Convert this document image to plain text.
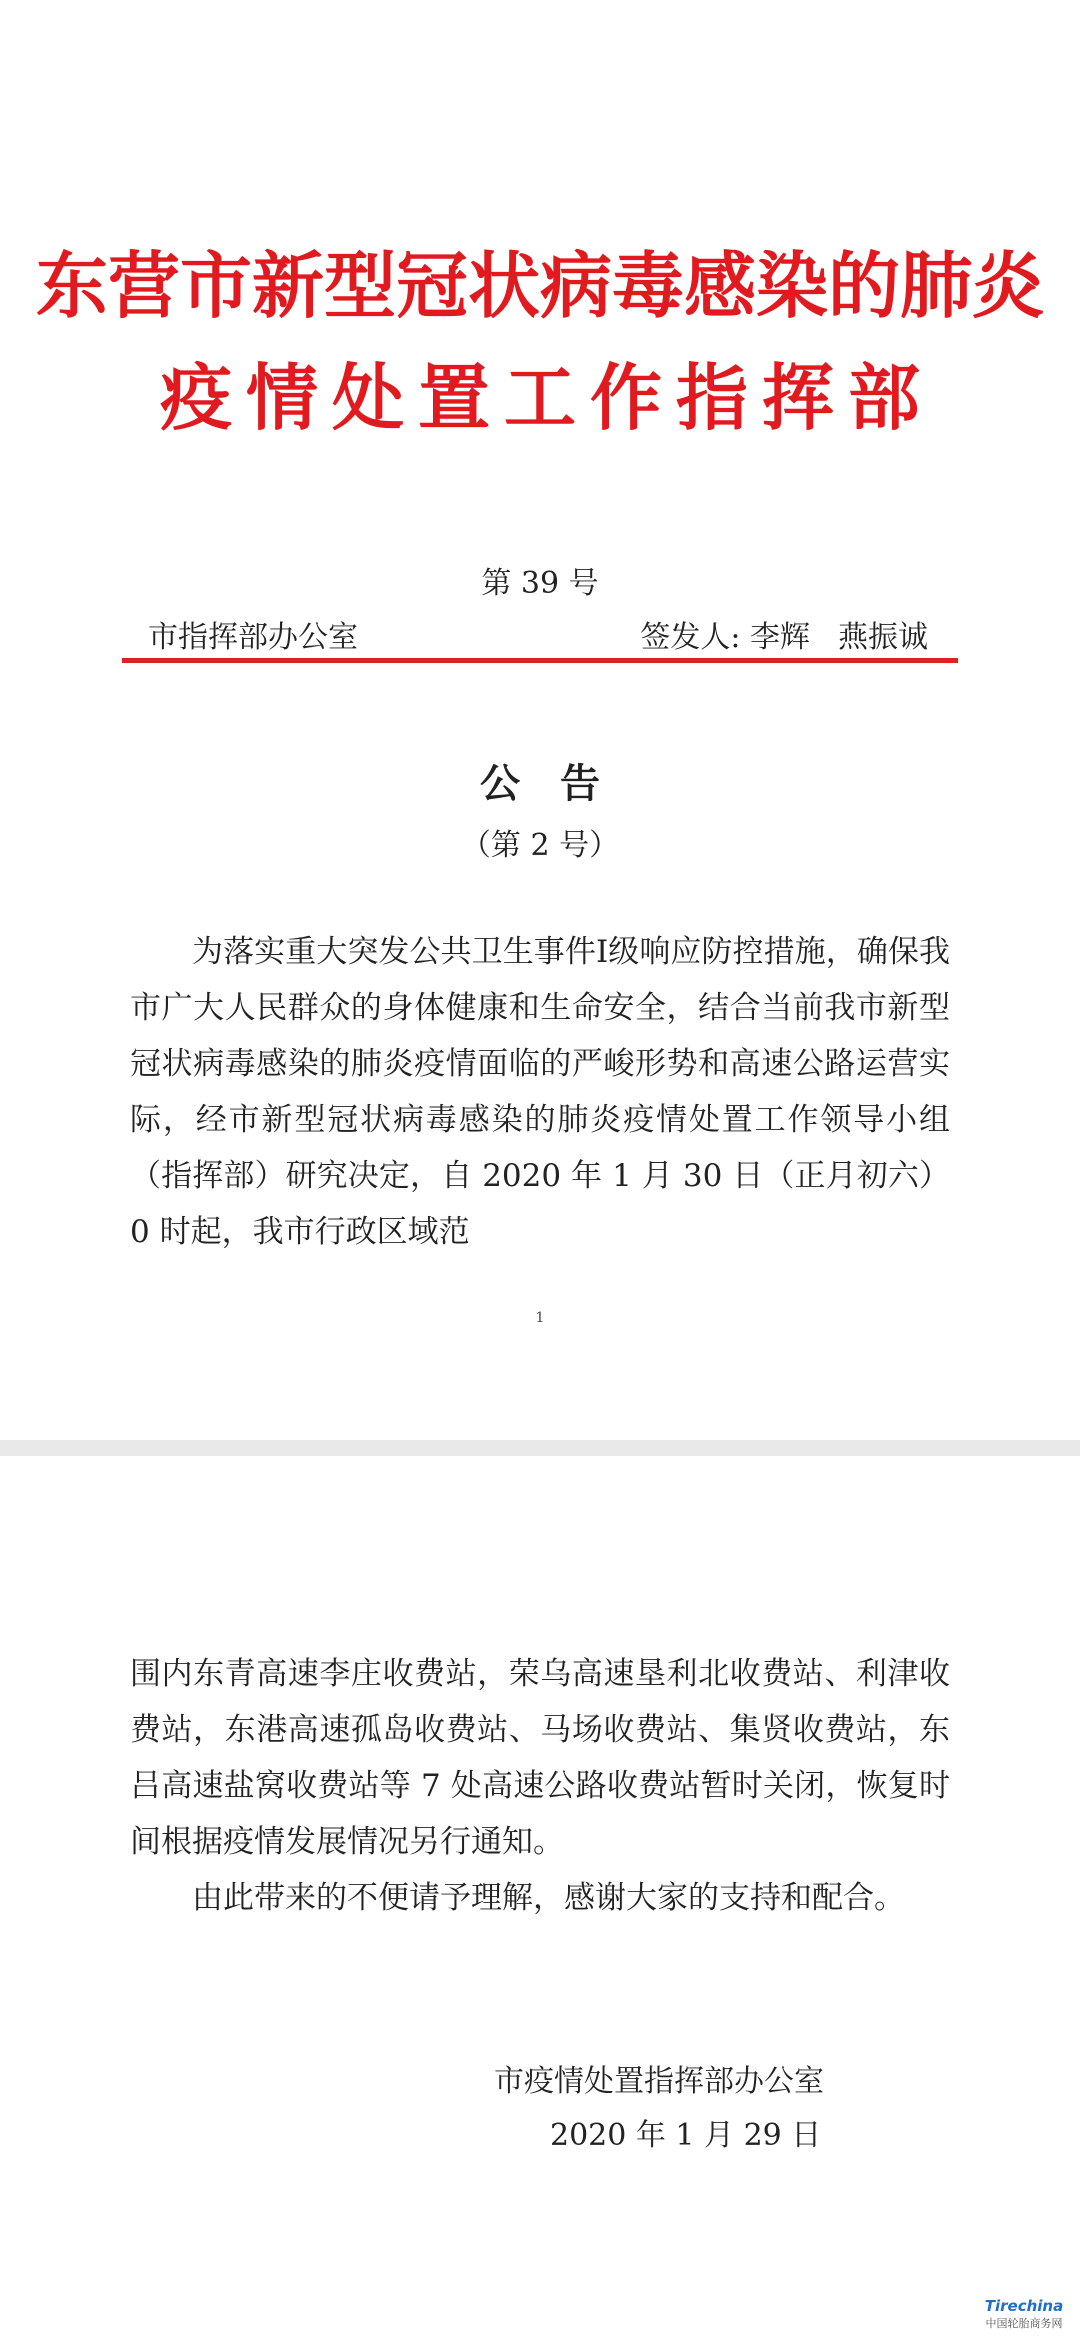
东营市新型冠状病毒感染的肺炎
疫情处置工作指挥部
第 39 号
市指挥部办公室	签发人: 李辉 燕振诚
公告
（第 2 号）
为落实重大突发公共卫生事件Ⅰ级响应防控措施，确保我市广大人民群众的身体健康和生命安全，结合当前我市新型冠状病毒感染的肺炎疫情面临的严峻形势和高速公路运营实际，经市新型冠状病毒感染的肺炎疫情处置工作领导小组（指挥部）研究决定，自 2020 年 1 月 30 日（正月初六）0 时起，我市行政区域范
1
围内东青高速李庄收费站，荣乌高速垦利北收费站、利津收费站，东港高速孤岛收费站、马场收费站、集贤收费站，东吕高速盐窝收费站等 7 处高速公路收费站暂时关闭，恢复时间根据疫情发展情况另行通知。
由此带来的不便请予理解，感谢大家的支持和配合。
市疫情处置指挥部办公室
2020 年 1 月 29 日
Tirechina
中国轮胎商务网
